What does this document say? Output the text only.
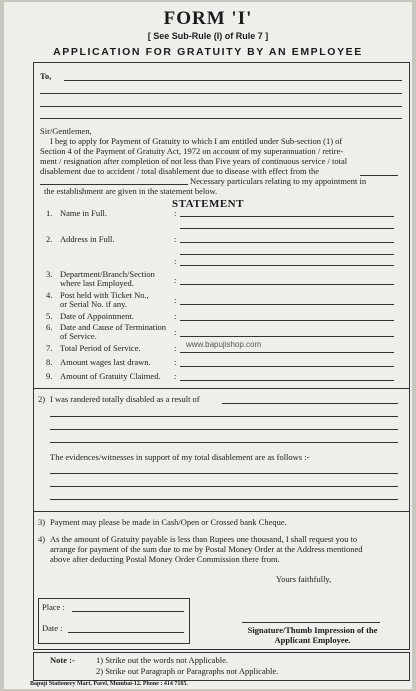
FORM 'I'
[ See Sub-Rule (I) of Rule 7 ]
APPLICATION FOR GRATUITY BY AN EMPLOYEE
To,
Sir/Gentlemen,
I beg to apply for Payment of Gratuity to which I am entitled under Sub-section (1) of
Section 4 of the Payment of Gratuity Act, 1972 on account of my superannuation / retire-
ment / resignation after completion of not less than Five years of continuous service / total
disablement due to accident / total disablement due to disease with effect from the
Necessary particulars relating to my appointment in
the establishment are given in the statement below.
STATEMENT
1. Name in Full.	:
2. Address in Full.	:
:
3. Department/Branch/Section
where last Employed.	:
4. Post held with Ticket No.,
or Serial No. if any.	:
5. Date of Appointment.	:
6. Date and Cause of Termination
of Service.	:
7. Total Period of Service.	: www.bapujishop.com
8. Amount wages last drawn.	:
9. Amount of Gratuity Claimed. :
2) I was randered totally disabled as a result of
The evidences/witnesses in support of my total disablement are as follows :-
3) Payment may please be made in Cash/Open or Crossed bank Cheque.
4) As the amount of Gratuity payable is less than Rupees one thousand, I shall request you to
arrange for payment of the sum due to me by Postal Money Order at the Address mentioned
above after deducting Postal Money Order Commission there from.
Yours faithfully,
Place :
Date :	Signature/Thumb Impression of the
Applicant Employee.
Note :- 1) Strike out the words not Applicable.
2) Strike out Paragraph or Paragraphs not Applicable.
Bapuji Stationery Mart, Parel, Mumbai-12. Phone : 414 7165.
